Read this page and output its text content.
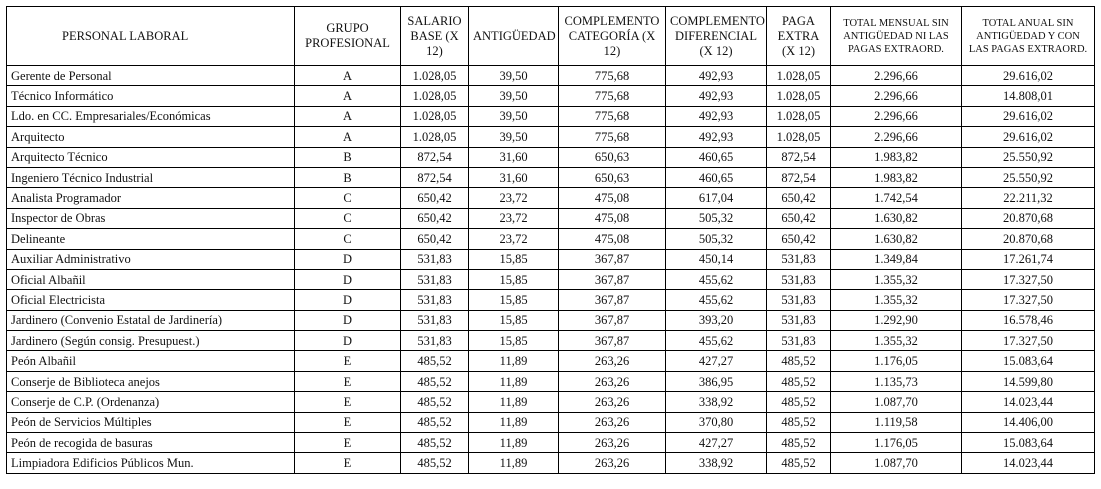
PERSONAL LABORAL	GRUPO PROFESIONAL	SALARIO BASE (X 12)	ANTIGÜEDAD	COMPLEMENTO CATEGORÍA (X 12)	COMPLEMENTO DIFERENCIAL (X 12)	PAGA EXTRA (X 12)	TOTAL MENSUAL SIN ANTIGÜEDAD NI LAS PAGAS EXTRAORD.	TOTAL ANUAL SIN ANTIGÜEDAD Y CON LAS PAGAS EXTRAORD.
Gerente de Personal	A	1.028,05	39,50	775,68	492,93	1.028,05	2.296,66	29.616,02
Técnico Informático	A	1.028,05	39,50	775,68	492,93	1.028,05	2.296,66	14.808,01
Ldo. en CC. Empresariales/Económicas	A	1.028,05	39,50	775,68	492,93	1.028,05	2.296,66	29.616,02
Arquitecto	A	1.028,05	39,50	775,68	492,93	1.028,05	2.296,66	29.616,02
Arquitecto Técnico	B	872,54	31,60	650,63	460,65	872,54	1.983,82	25.550,92
Ingeniero Técnico Industrial	B	872,54	31,60	650,63	460,65	872,54	1.983,82	25.550,92
Analista Programador	C	650,42	23,72	475,08	617,04	650,42	1.742,54	22.211,32
Inspector de Obras	C	650,42	23,72	475,08	505,32	650,42	1.630,82	20.870,68
Delineante	C	650,42	23,72	475,08	505,32	650,42	1.630,82	20.870,68
Auxiliar Administrativo	D	531,83	15,85	367,87	450,14	531,83	1.349,84	17.261,74
Oficial Albañil	D	531,83	15,85	367,87	455,62	531,83	1.355,32	17.327,50
Oficial Electricista	D	531,83	15,85	367,87	455,62	531,83	1.355,32	17.327,50
Jardinero (Convenio Estatal de Jardinería)	D	531,83	15,85	367,87	393,20	531,83	1.292,90	16.578,46
Jardinero (Según consig. Presupuest.)	D	531,83	15,85	367,87	455,62	531,83	1.355,32	17.327,50
Peón Albañil	E	485,52	11,89	263,26	427,27	485,52	1.176,05	15.083,64
Conserje de Biblioteca anejos	E	485,52	11,89	263,26	386,95	485,52	1.135,73	14.599,80
Conserje de C.P. (Ordenanza)	E	485,52	11,89	263,26	338,92	485,52	1.087,70	14.023,44
Peón de Servicios Múltiples	E	485,52	11,89	263,26	370,80	485,52	1.119,58	14.406,00
Peón de recogida de basuras	E	485,52	11,89	263,26	427,27	485,52	1.176,05	15.083,64
Limpiadora Edificios Públicos Mun.	E	485,52	11,89	263,26	338,92	485,52	1.087,70	14.023,44
